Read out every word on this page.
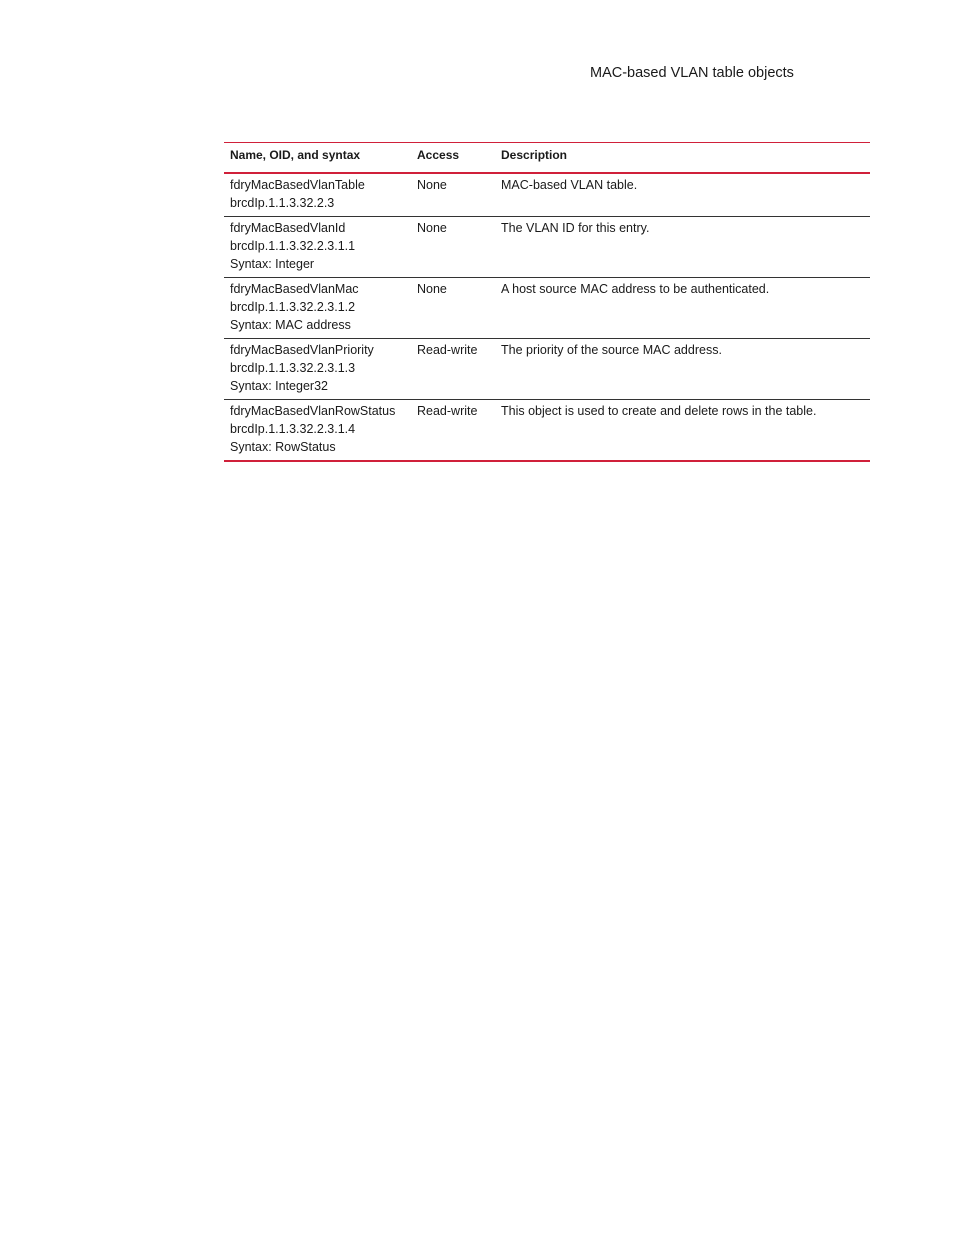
MAC-based VLAN table objects
Name, OID, and syntax	Access	Description

fdryMacBasedVlanTable
brcdIp.1.1.3.32.2.3	None	MAC-based VLAN table.

fdryMacBasedVlanId
brcdIp.1.1.3.32.2.3.1.1
Syntax: Integer	None	The VLAN ID for this entry.

fdryMacBasedVlanMac
brcdIp.1.1.3.32.2.3.1.2
Syntax: MAC address	None	A host source MAC address to be authenticated.

fdryMacBasedVlanPriority
brcdIp.1.1.3.32.2.3.1.3
Syntax: Integer32	Read-write	The priority of the source MAC address.

fdryMacBasedVlanRowStatus
brcdIp.1.1.3.32.2.3.1.4
Syntax: RowStatus	Read-write	This object is used to create and delete rows in the table.
